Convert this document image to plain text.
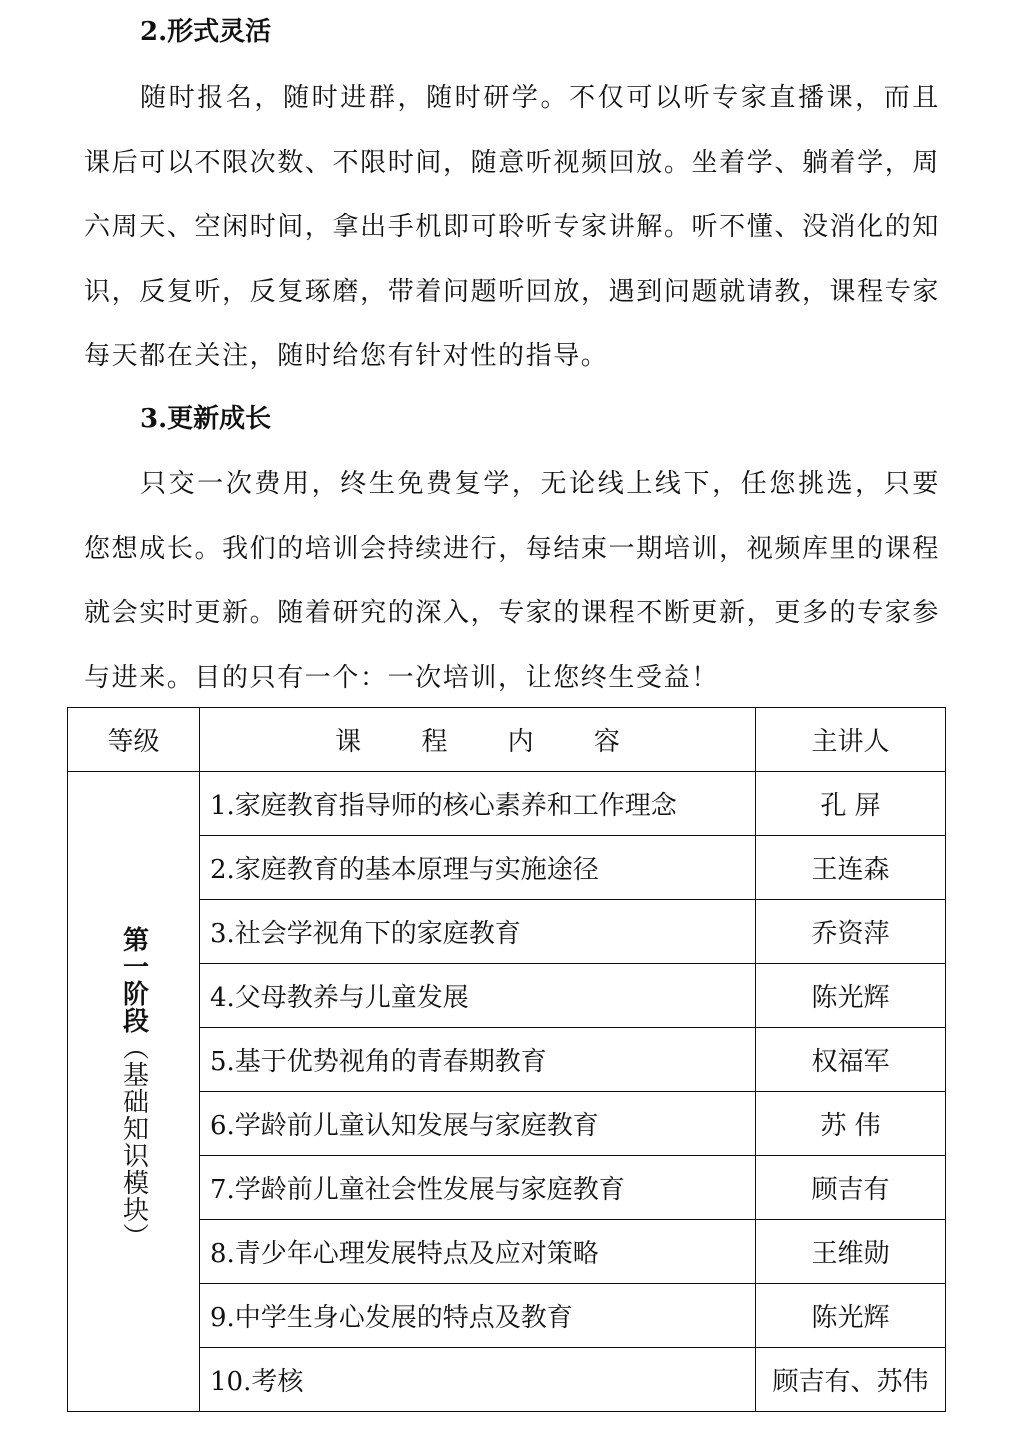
2.形式灵活
随时报名，随时进群，随时研学。不仅可以听专家直播课，而且课后可以不限次数、不限时间，随意听视频回放。坐着学、躺着学，周六周天、空闲时间，拿出手机即可聆听专家讲解。听不懂、没消化的知识，反复听，反复琢磨，带着问题听回放，遇到问题就请教，课程专家每天都在关注，随时给您有针对性的指导。
3.更新成长
只交一次费用，终生免费复学，无论线上线下，任您挑选，只要您想成长。我们的培训会持续进行，每结束一期培训，视频库里的课程就会实时更新。随着研究的深入，专家的课程不断更新，更多的专家参与进来。目的只有一个：一次培训，让您终生受益！
等级	课 程 内 容	主讲人
第一阶段（基础知识模块）	1.家庭教育指导师的核心素养和工作理念	孔 屏
	2.家庭教育的基本原理与实施途径	王连森
	3.社会学视角下的家庭教育	乔资萍
	4.父母教养与儿童发展	陈光辉
	5.基于优势视角的青春期教育	权福军
	6.学龄前儿童认知发展与家庭教育	苏 伟
	7.学龄前儿童社会性发展与家庭教育	顾吉有
	8.青少年心理发展特点及应对策略	王维勋
	9.中学生身心发展的特点及教育	陈光辉
	10.考核	顾吉有、苏伟
